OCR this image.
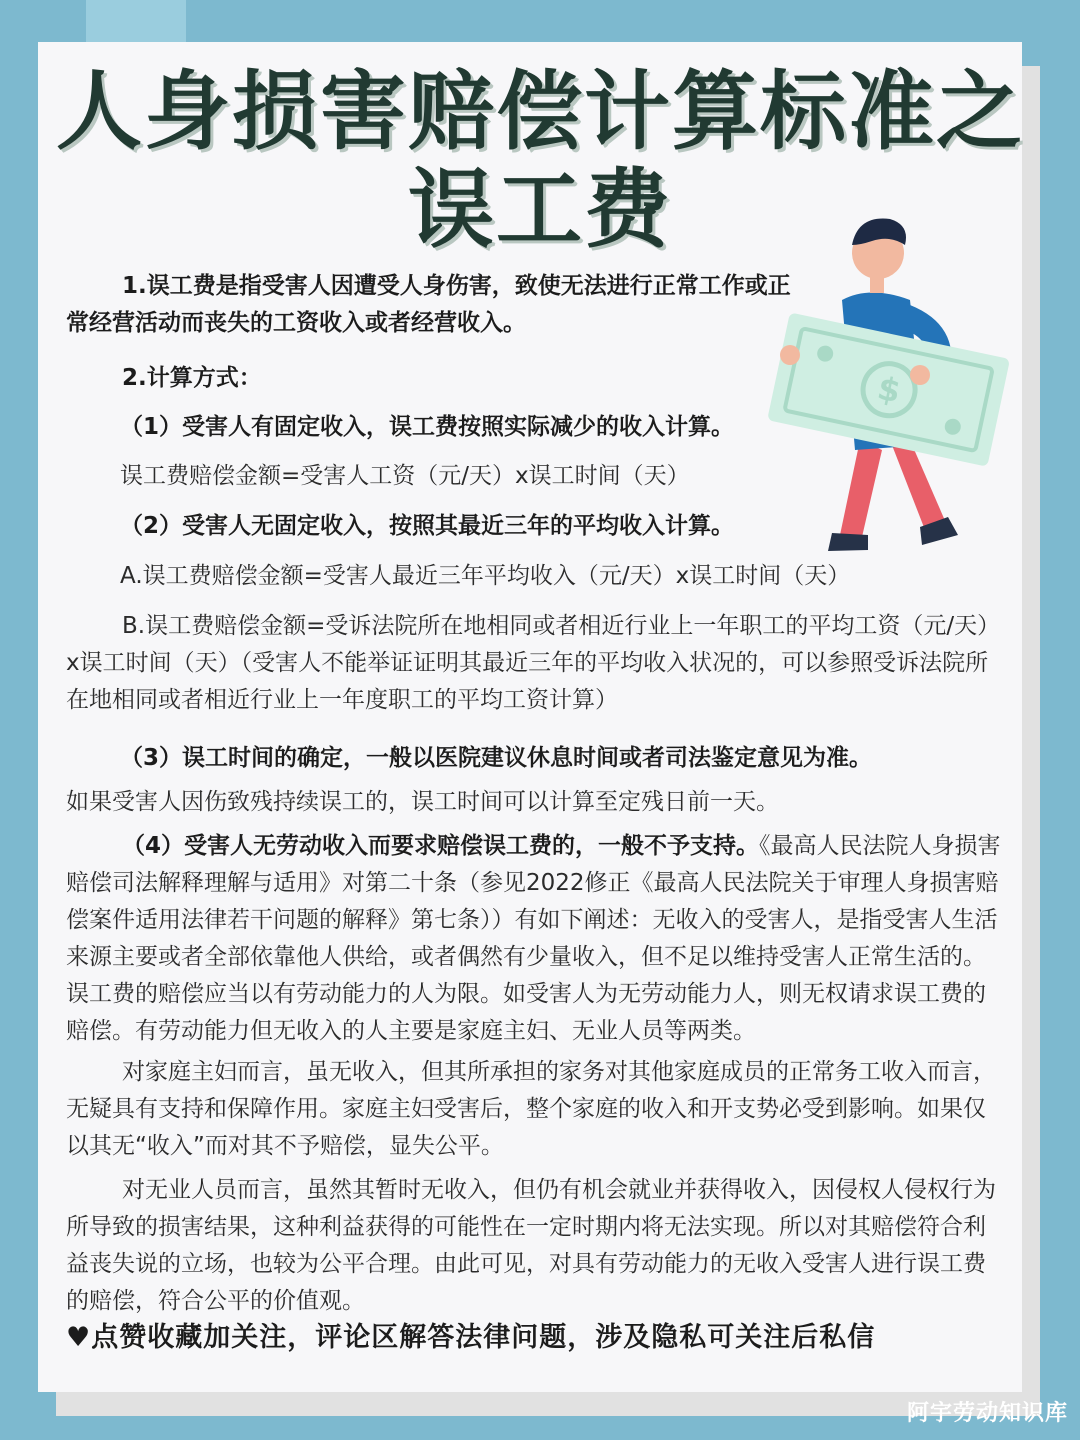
人身损害赔偿计算标准之
误工费
$

1.误工费是指受害人因遭受人身伤害，致使无法进行正常工作或正常经营活动而丧失的工资收入或者经营收入。

2.计算方式：

（1）受害人有固定收入，误工费按照实际减少的收入计算。

误工费赔偿金额=受害人工资（元/天）x误工时间（天）

（2）受害人无固定收入，按照其最近三年的平均收入计算。

A.误工费赔偿金额=受害人最近三年平均收入（元/天）x误工时间（天）

B.误工费赔偿金额=受诉法院所在地相同或者相近行业上一年职工的平均工资（元/天）x误工时间（天）（受害人不能举证证明其最近三年的平均收入状况的，可以参照受诉法院所在地相同或者相近行业上一年度职工的平均工资计算）

（3）误工时间的确定，一般以医院建议休息时间或者司法鉴定意见为准。

如果受害人因伤致残持续误工的，误工时间可以计算至定残日前一天。

（4）受害人无劳动收入而要求赔偿误工费的，一般不予支持。《最高人民法院人身损害赔偿司法解释理解与适用》对第二十条（参见2022修正《最高人民法院关于审理人身损害赔偿案件适用法律若干问题的解释》第七条））有如下阐述：无收入的受害人，是指受害人生活来源主要或者全部依靠他人供给，或者偶然有少量收入，但不足以维持受害人正常生活的。误工费的赔偿应当以有劳动能力的人为限。如受害人为无劳动能力人，则无权请求误工费的赔偿。有劳动能力但无收入的人主要是家庭主妇、无业人员等两类。

对家庭主妇而言，虽无收入，但其所承担的家务对其他家庭成员的正常务工收入而言，无疑具有支持和保障作用。家庭主妇受害后，整个家庭的收入和开支势必受到影响。如果仅以其无“收入”而对其不予赔偿，显失公平。

对无业人员而言，虽然其暂时无收入，但仍有机会就业并获得收入，因侵权人侵权行为所导致的损害结果，这种利益获得的可能性在一定时期内将无法实现。所以对其赔偿符合利益丧失说的立场，也较为公平合理。由此可见，对具有劳动能力的无收入受害人进行误工费的赔偿，符合公平的价值观。

♥点赞收藏加关注，评论区解答法律问题，涉及隐私可关注后私信
阿宇劳动知识库
